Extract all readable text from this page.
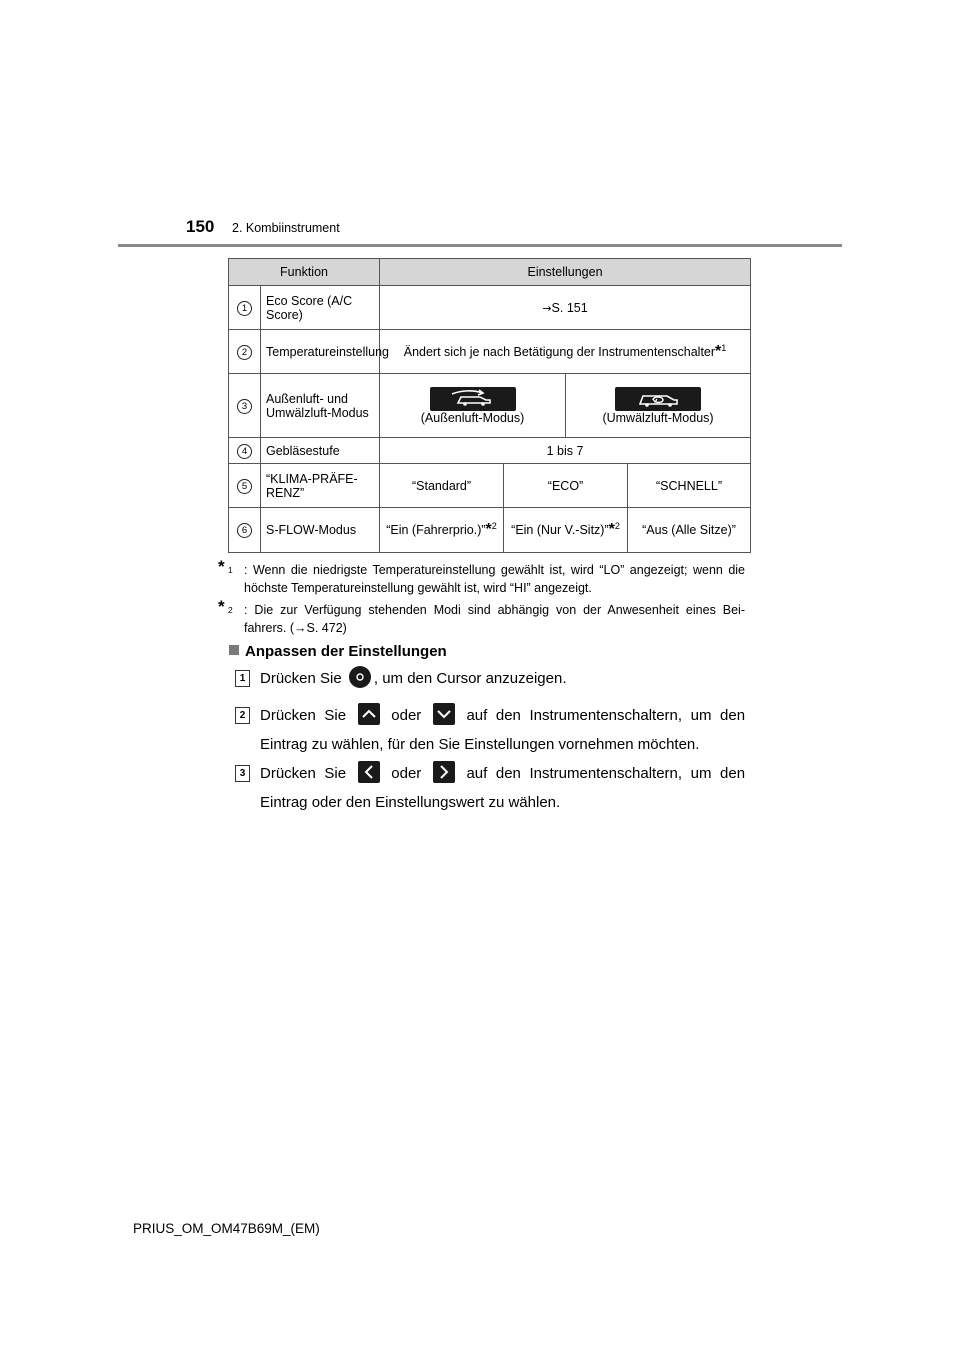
150 2. Kombiinstrument
Funktion		Einstellungen			
1	Eco Score (A/C Score)	→S. 151			
2	Temperatureinstellung	Ändert sich je nach Betätigung der Instrumentenschalter*$^1$
3	Außenluft- und Umwälzluft-Modus	(Außenluft-Modus)		(Umwälzluft-Modus)	
4	Gebläsestufe	1 bis 7			
5	“KLIMA-PRÄFE- RENZ”	“Standard”	“ECO”		“SCHNELL”
6	S-FLOW-Modus	“Ein (Fahrerprio.)”*$^2$	“Ein (Nur V.-Sitz)”*$^2$		“Aus (Alle Sitze)”
* 1 : Wenn die niedrigste Temperatureinstellung gewählt ist, wird “LO” angezeigt; wenn die höchste Temperatureinstellung gewählt ist, wird “HI” angezeigt.
* 2 : Die zur Verfügung stehenden Modi sind abhängig von der Anwesenheit eines Bei- fahrers. (→S. 472)
Anpassen der Einstellungen
1 Drücken Sie , um den Cursor anzuzeigen.
2 Drücken Sie	oder	auf den Instrumentenschaltern, um den Eintrag zu wählen, für den Sie Einstellungen vornehmen möchten.
3 Drücken Sie	oder	auf den Instrumentenschaltern, um den Eintrag oder den Einstellungswert zu wählen.
PRIUS_OM_OM47B69M_(EM)
